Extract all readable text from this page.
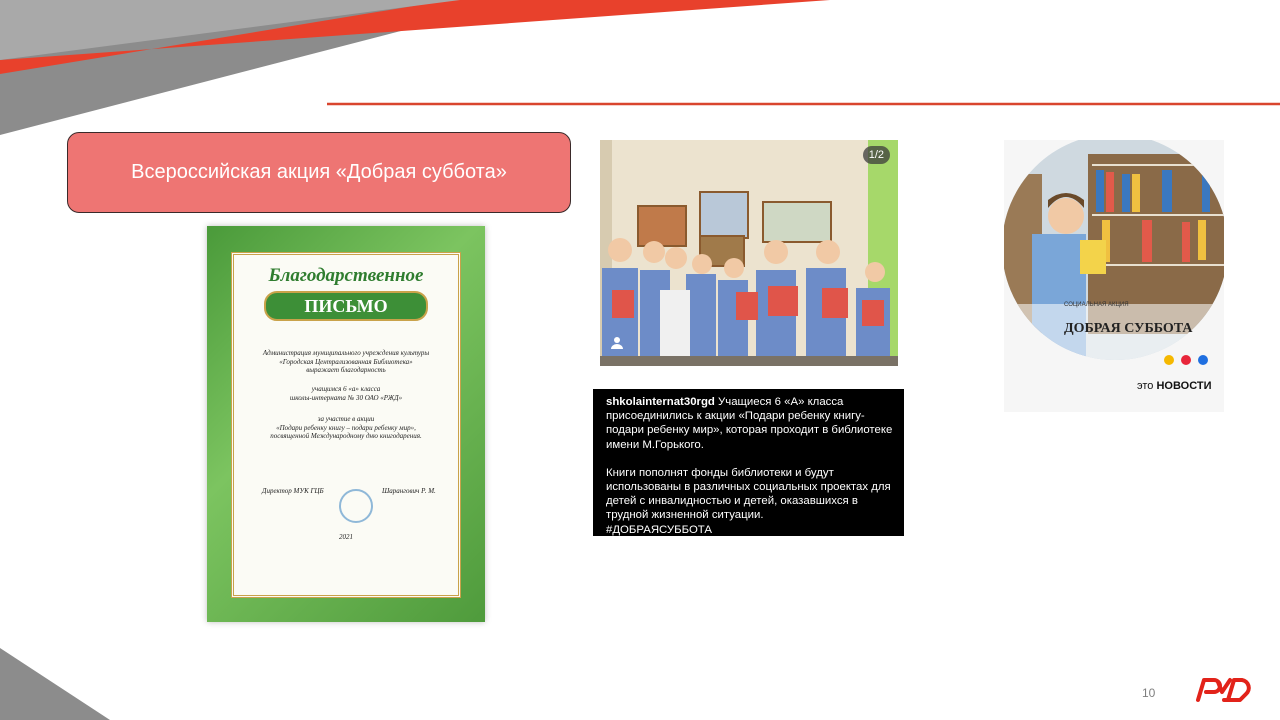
Всероссийская акция «Добрая суббота»
Благодарственное
ПИСЬМО
Администрация муниципального учреждения культуры
«Городская Централизованная Библиотека»
выражает благодарность
учащимся 6 «а» класса
школы-интерната № 30 ОАО «РЖД»
за участие в акции
«Подари ребенку книгу – подари ребенку мир»,
посвященной Международному дню книгодарения.
Директор МУК ГЦБ	Шарангович Р. М.
2021
1/2

shkolainternat30rgd Учащиеся 6 «А» класса присоединились к акции «Подари ребенку книгу-подари ребенку мир», которая проходит в библиотеке имени М.Горького.

Книги пополнят фонды библиотеки и будут использованы в различных социальных проектах для детей с инвалидностью и детей, оказавшихся в трудной жизненной ситуации.

#ДОБРАЯСУББОТА

СОЦИАЛЬНАЯ АКЦИЯ
ДОБРАЯ СУББОТА
это НОВОСТИ
10
